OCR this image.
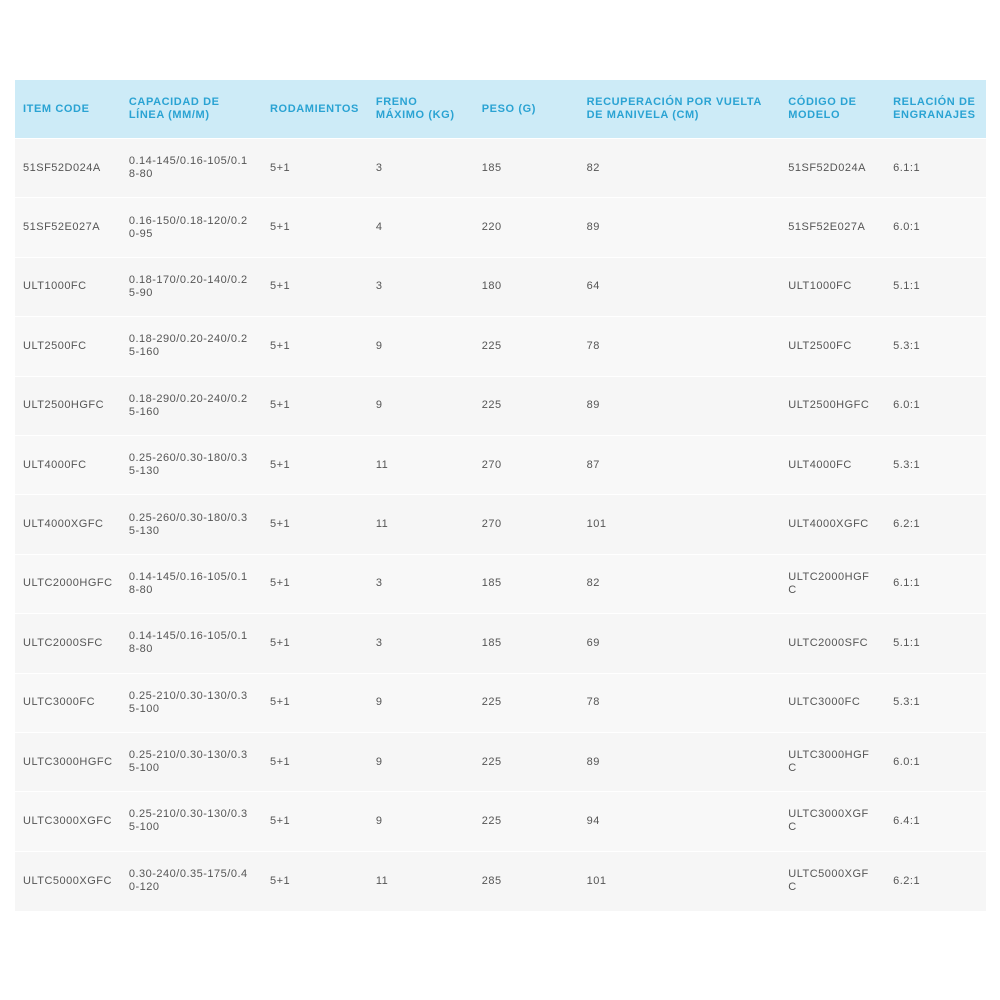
ITEM CODE	CAPACIDAD DE LÍNEA (MM/M)	RODAMIENTOS	FRENO MÁXIMO (KG)	PESO (G)	RECUPERACIÓN POR VUELTA DE MANIVELA (CM)	CÓDIGO DE MODELO	RELACIÓN DE ENGRANAJES
51SF52D024A	0.14-145/0.16-105/0.18-80	5+1	3	185	82	51SF52D024A	6.1:1
51SF52E027A	0.16-150/0.18-120/0.20-95	5+1	4	220	89	51SF52E027A	6.0:1
ULT1000FC	0.18-170/0.20-140/0.25-90	5+1	3	180	64	ULT1000FC	5.1:1
ULT2500FC	0.18-290/0.20-240/0.25-160	5+1	9	225	78	ULT2500FC	5.3:1
ULT2500HGFC	0.18-290/0.20-240/0.25-160	5+1	9	225	89	ULT2500HGFC	6.0:1
ULT4000FC	0.25-260/0.30-180/0.35-130	5+1	11	270	87	ULT4000FC	5.3:1
ULT4000XGFC	0.25-260/0.30-180/0.35-130	5+1	11	270	101	ULT4000XGFC	6.2:1
ULTC2000HGFC	0.14-145/0.16-105/0.18-80	5+1	3	185	82	ULTC2000HGFC	6.1:1
ULTC2000SFC	0.14-145/0.16-105/0.18-80	5+1	3	185	69	ULTC2000SFC	5.1:1
ULTC3000FC	0.25-210/0.30-130/0.35-100	5+1	9	225	78	ULTC3000FC	5.3:1
ULTC3000HGFC	0.25-210/0.30-130/0.35-100	5+1	9	225	89	ULTC3000HGFC	6.0:1
ULTC3000XGFC	0.25-210/0.30-130/0.35-100	5+1	9	225	94	ULTC3000XGFC	6.4:1
ULTC5000XGFC	0.30-240/0.35-175/0.40-120	5+1	11	285	101	ULTC5000XGFC	6.2:1
